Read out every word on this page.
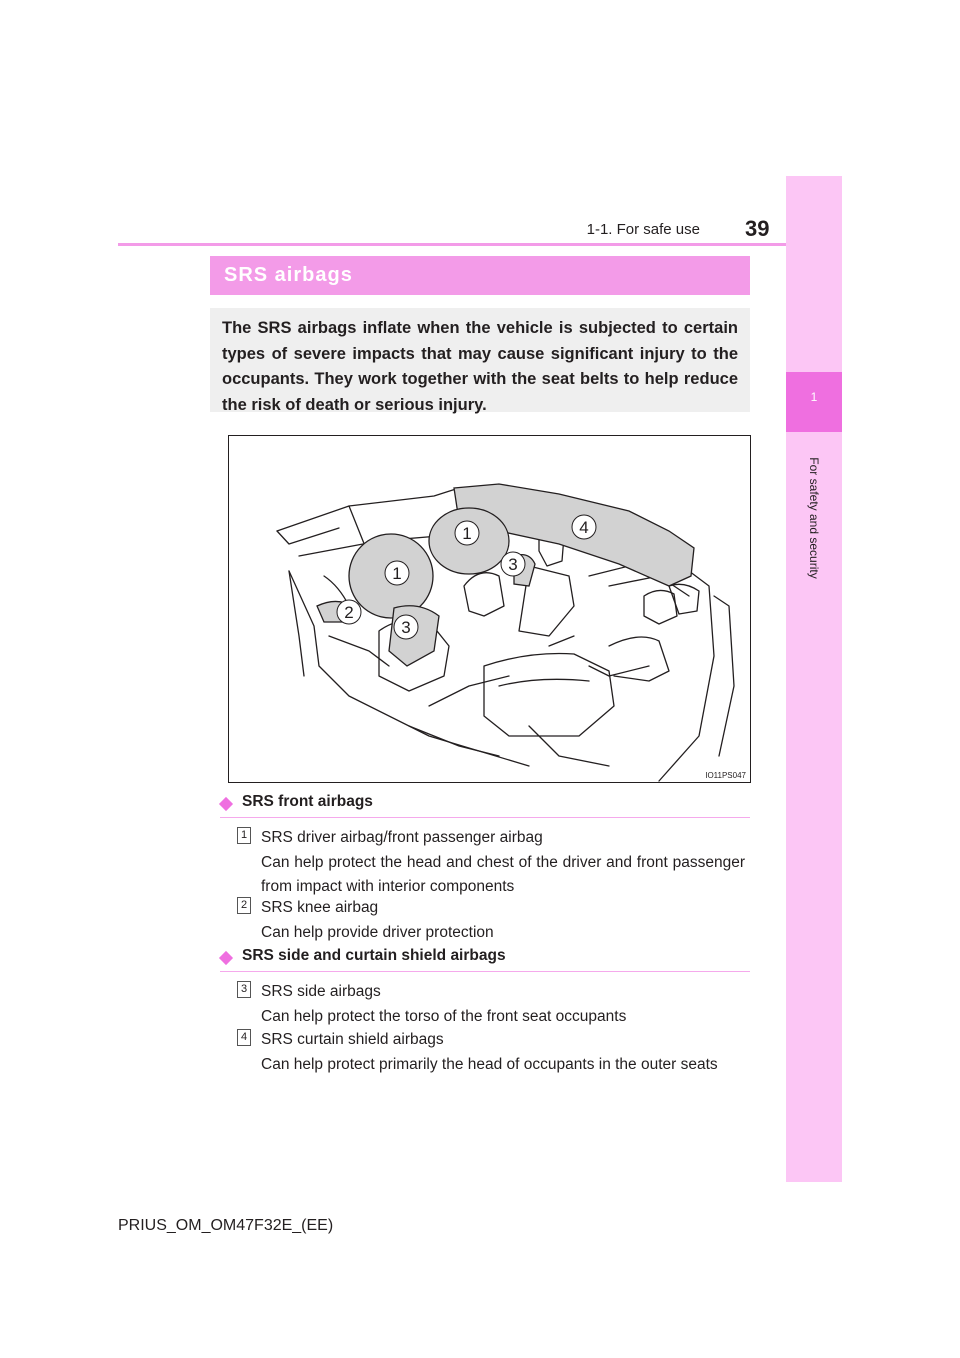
1
For safety and security
1-1. For safe use 39
SRS airbags

The SRS airbags inflate when the vehicle is subjected to certain types of severe impacts that may cause significant injury to the occupants. They work together with the seat belts to help reduce the risk of death or serious injury.

1
1
2
3
3
4
IO11PS047
SRS front airbags
1 SRS driver airbag/front passenger airbag
Can help protect the head and chest of the driver and front passenger from impact with interior components
2 SRS knee airbag
Can help provide driver protection
SRS side and curtain shield airbags
3 SRS side airbags
Can help protect the torso of the front seat occupants
4 SRS curtain shield airbags
Can help protect primarily the head of occupants in the outer seats
PRIUS_OM_OM47F32E_(EE)
